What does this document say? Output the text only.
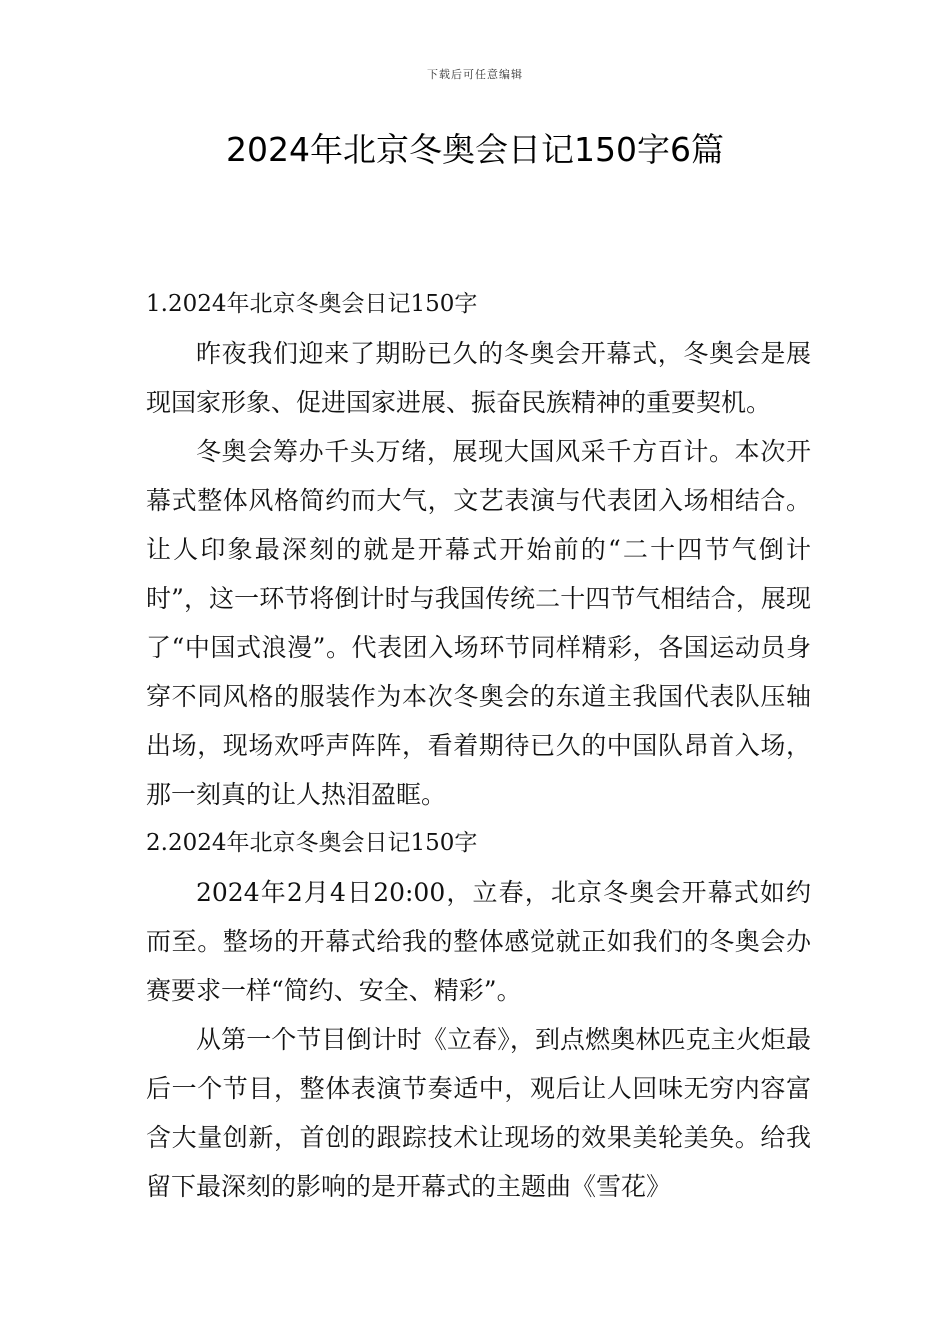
下载后可任意编辑
2024年北京冬奥会日记150字6篇
1.2024年北京冬奥会日记150字

昨夜我们迎来了期盼已久的冬奥会开幕式，冬奥会是展现国家形象、促进国家进展、振奋民族精神的重要契机。

冬奥会筹办千头万绪，展现大国风采千方百计。本次开幕式整体风格简约而大气，文艺表演与代表团入场相结合。让人印象最深刻的就是开幕式开始前的“二十四节气倒计时”，这一环节将倒计时与我国传统二十四节气相结合，展现了“中国式浪漫”。代表团入场环节同样精彩，各国运动员身穿不同风格的服装作为本次冬奥会的东道主我国代表队压轴出场，现场欢呼声阵阵，看着期待已久的中国队昂首入场，那一刻真的让人热泪盈眶。

2.2024年北京冬奥会日记150字

2024年2月4日20:00，立春，北京冬奥会开幕式如约而至。整场的开幕式给我的整体感觉就正如我们的冬奥会办赛要求一样“简约、安全、精彩”。

从第一个节目倒计时《立春》，到点燃奥林匹克主火炬最后一个节目，整体表演节奏适中，观后让人回味无穷内容富含大量创新，首创的跟踪技术让现场的效果美轮美奂。给我留下最深刻的影响的是开幕式的主题曲《雪花》
